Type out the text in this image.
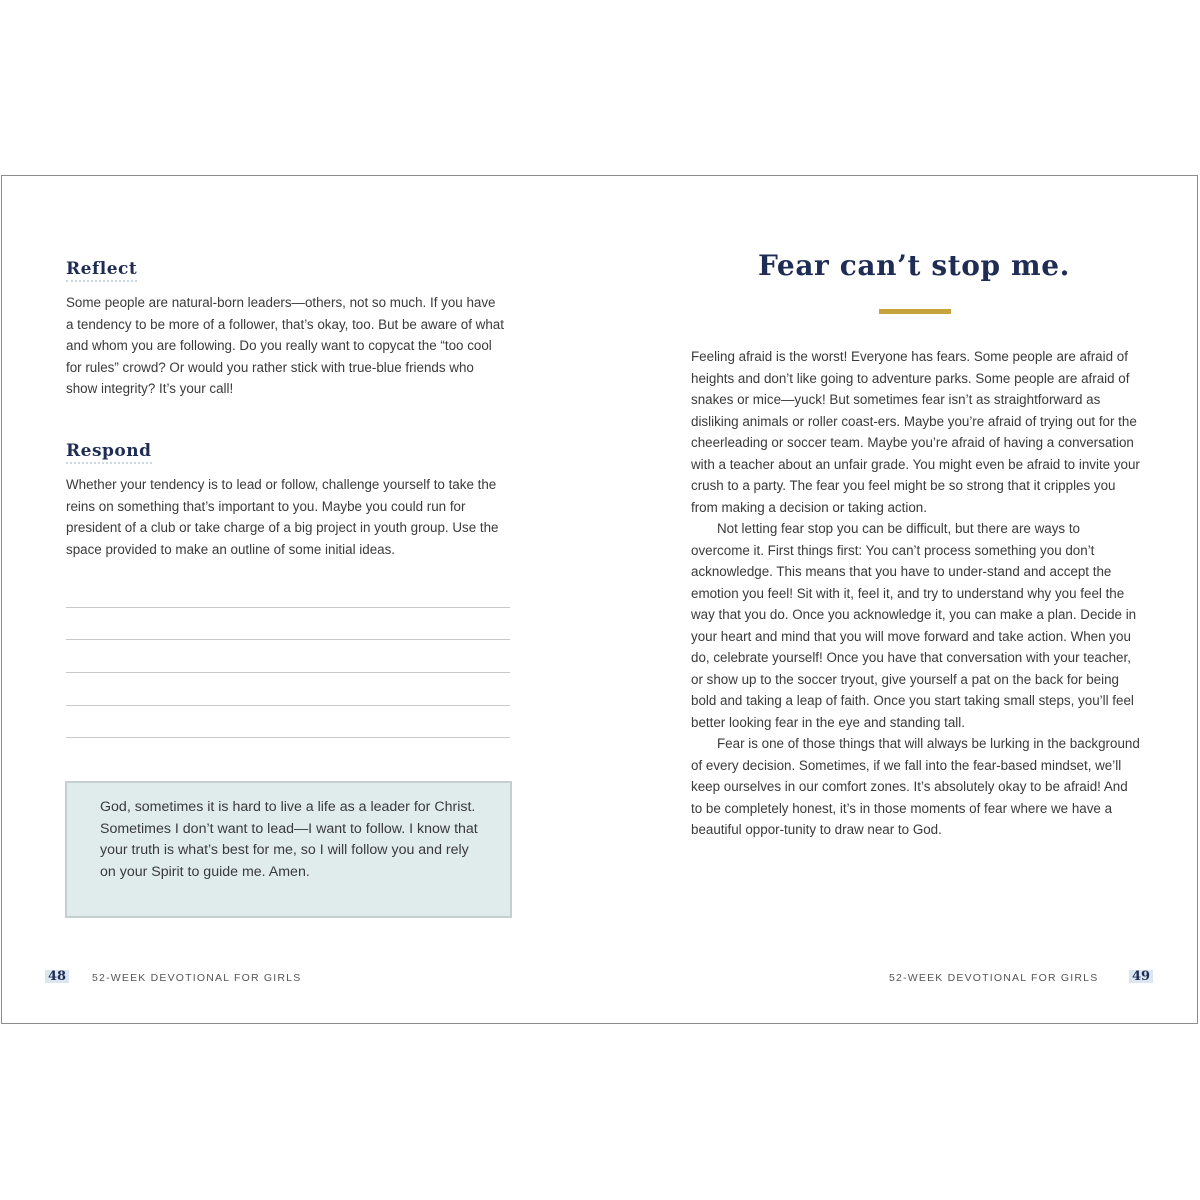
Reflect

Some people are natural-born leaders—others, not so much. If you have a tendency to be more of a follower, that’s okay, too. But be aware of what and whom you are following. Do you really want to copycat the “too cool for rules” crowd? Or would you rather stick with true-blue friends who show integrity? It’s your call!

Respond

Whether your tendency is to lead or follow, challenge yourself to take the reins on something that’s important to you. Maybe you could run for president of a club or take charge of a big project in youth group. Use the space provided to make an outline of some initial ideas.

God, sometimes it is hard to live a life as a leader for Christ. Sometimes I don’t want to lead—I want to follow. I know that your truth is what’s best for me, so I will follow you and rely on your Spirit to guide me. Amen.

48 52-WEEK DEVOTIONAL FOR GIRLS
Fear can’t stop me.

Feeling afraid is the worst! Everyone has fears. Some people are afraid of heights and don’t like going to adventure parks. Some people are afraid of snakes or mice—yuck! But sometimes fear isn’t as straightforward as disliking animals or roller coast-ers. Maybe you’re afraid of trying out for the cheerleading or soccer team. Maybe you’re afraid of having a conversation with a teacher about an unfair grade. You might even be afraid to invite your crush to a party. The fear you feel might be so strong that it cripples you from making a decision or taking action.

Not letting fear stop you can be difficult, but there are ways to overcome it. First things first: You can’t process something you don’t acknowledge. This means that you have to under-stand and accept the emotion you feel! Sit with it, feel it, and try to understand why you feel the way that you do. Once you acknowledge it, you can make a plan. Decide in your heart and mind that you will move forward and take action. When you do, celebrate yourself! Once you have that conversation with your teacher, or show up to the soccer tryout, give yourself a pat on the back for being bold and taking a leap of faith. Once you start taking small steps, you’ll feel better looking fear in the eye and standing tall.

Fear is one of those things that will always be lurking in the background of every decision. Sometimes, if we fall into the fear-based mindset, we’ll keep ourselves in our comfort zones. It’s absolutely okay to be afraid! And to be completely honest, it’s in those moments of fear where we have a beautiful oppor-tunity to draw near to God.

52-WEEK DEVOTIONAL FOR GIRLS	49
